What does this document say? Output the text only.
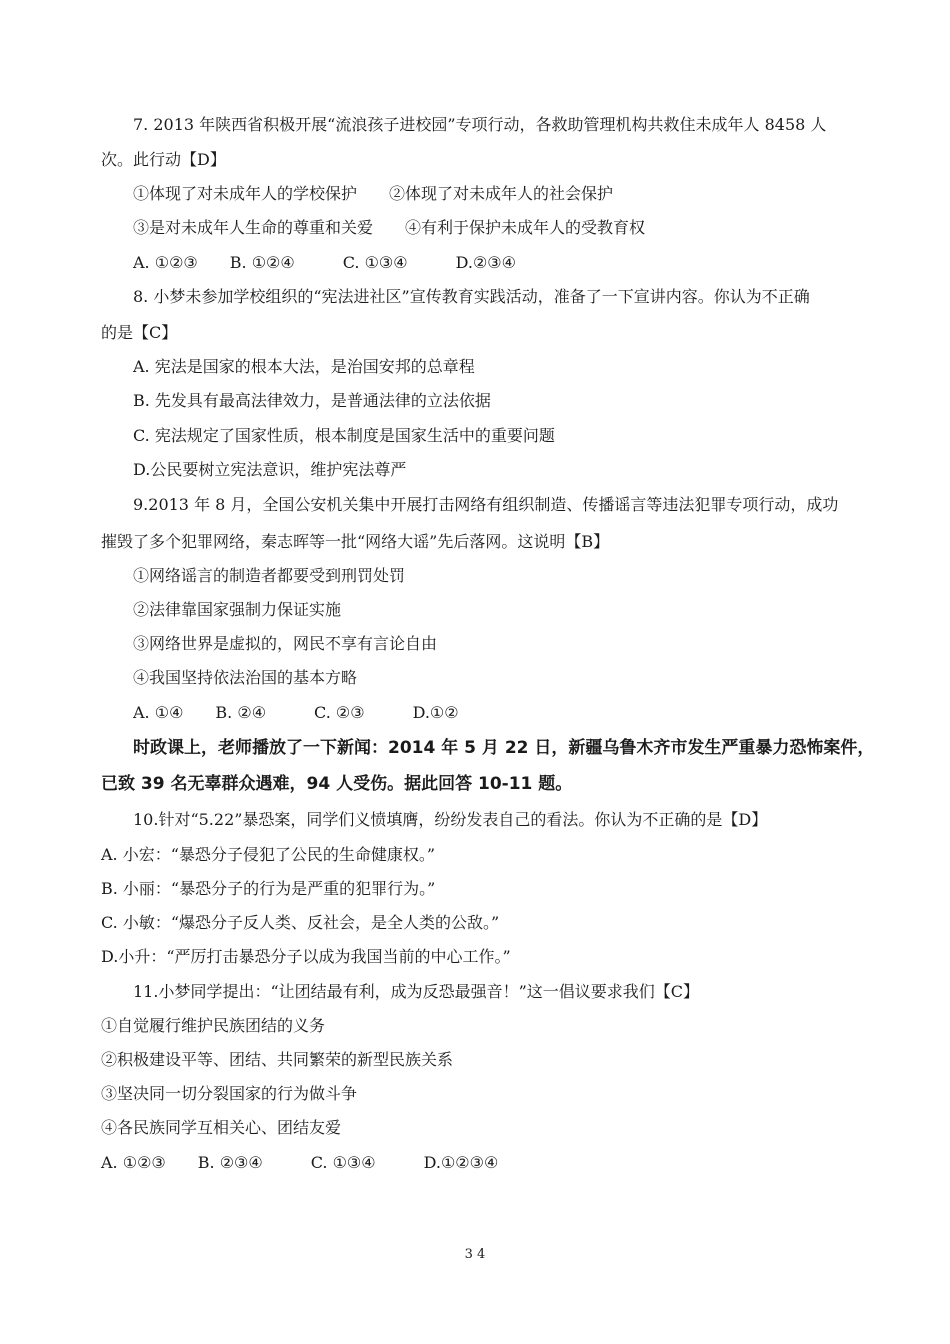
7. 2013 年陕西省积极开展“流浪孩子进校园”专项行动，各救助管理机构共救住未成年人 8458 人
次。此行动【D】
①体现了对未成年人的学校保护　　②体现了对未成年人的社会保护
③是对未成年人生命的尊重和关爱　　④有利于保护未成年人的受教育权
A. ①②③　　B. ①②④　　　C. ①③④　　　D.②③④
8. 小梦未参加学校组织的“宪法进社区”宣传教育实践活动，准备了一下宣讲内容。你认为不正确
的是【C】
A. 宪法是国家的根本大法，是治国安邦的总章程
B. 先发具有最高法律效力，是普通法律的立法依据
C. 宪法规定了国家性质，根本制度是国家生活中的重要问题
D.公民要树立宪法意识，维护宪法尊严
9.2013 年 8 月，全国公安机关集中开展打击网络有组织制造、传播谣言等违法犯罪专项行动，成功
摧毁了多个犯罪网络，秦志晖等一批“网络大谣”先后落网。这说明【B】
①网络谣言的制造者都要受到刑罚处罚
②法律靠国家强制力保证实施
③网络世界是虚拟的，网民不享有言论自由
④我国坚持依法治国的基本方略
A. ①④　　B. ②④　　　C. ②③　　　D.①②
时政课上，老师播放了一下新闻：2014 年 5 月 22 日，新疆乌鲁木齐市发生严重暴力恐怖案件，
已致 39 名无辜群众遇难，94 人受伤。据此回答 10-11 题。
10.针对“5.22”暴恐案，同学们义愤填膺，纷纷发表自己的看法。你认为不正确的是【D】
A. 小宏：“暴恐分子侵犯了公民的生命健康权。”
B. 小丽：“暴恐分子的行为是严重的犯罪行为。”
C. 小敏：“爆恐分子反人类、反社会，是全人类的公敌。”
D.小升：“严厉打击暴恐分子以成为我国当前的中心工作。”
11.小梦同学提出：“让团结最有利，成为反恐最强音！”这一倡议要求我们【C】
①自觉履行维护民族团结的义务
②积极建设平等、团结、共同繁荣的新型民族关系
③坚决同一切分裂国家的行为做斗争
④各民族同学互相关心、团结友爱
A. ①②③　　B. ②③④　　　C. ①③④　　　D.①②③④
3 4
